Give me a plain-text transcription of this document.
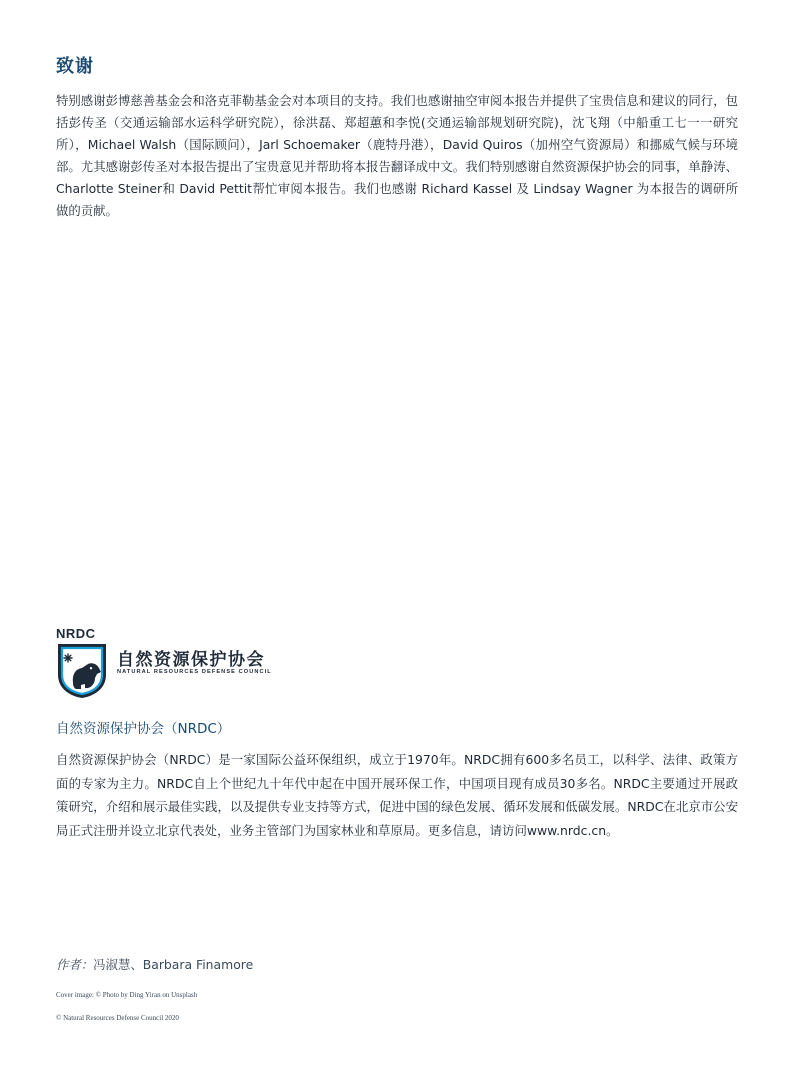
致谢

特别感谢彭博慈善基金会和洛克菲勒基金会对本项目的支持。我们也感谢抽空审阅本报告并提供了宝贵信息和建议的同行，包括彭传圣（交通运输部水运科学研究院），徐洪磊、郑超蕙和李悦(交通运输部规划研究院)，沈飞翔（中船重工七一一研究所），Michael Walsh（国际顾问），Jarl Schoemaker（鹿特丹港），David Quiros（加州空气资源局）和挪威气候与环境部。尤其感谢彭传圣对本报告提出了宝贵意见并帮助将本报告翻译成中文。我们特别感谢自然资源保护协会的同事，单静涛、Charlotte Steiner和 David Pettit帮忙审阅本报告。我们也感谢 Richard Kassel 及 Lindsay Wagner 为本报告的调研所做的贡献。

NRDC
自然资源保护协会
NATURAL RESOURCES DEFENSE COUNCIL
自然资源保护协会（NRDC）

自然资源保护协会（NRDC）是一家国际公益环保组织，成立于1970年。NRDC拥有600多名员工，以科学、法律、政策方面的专家为主力。NRDC自上个世纪九十年代中起在中国开展环保工作，中国项目现有成员30多名。NRDC主要通过开展政策研究，介绍和展示最佳实践，以及提供专业支持等方式，促进中国的绿色发展、循环发展和低碳发展。NRDC在北京市公安局正式注册并设立北京代表处，业务主管部门为国家林业和草原局。更多信息，请访问www.nrdc.cn。

作者：冯淑慧、Barbara Finamore
Cover image: © Photo by Ding Yiran on Unsplash
© Natural Resources Defense Council 2020
